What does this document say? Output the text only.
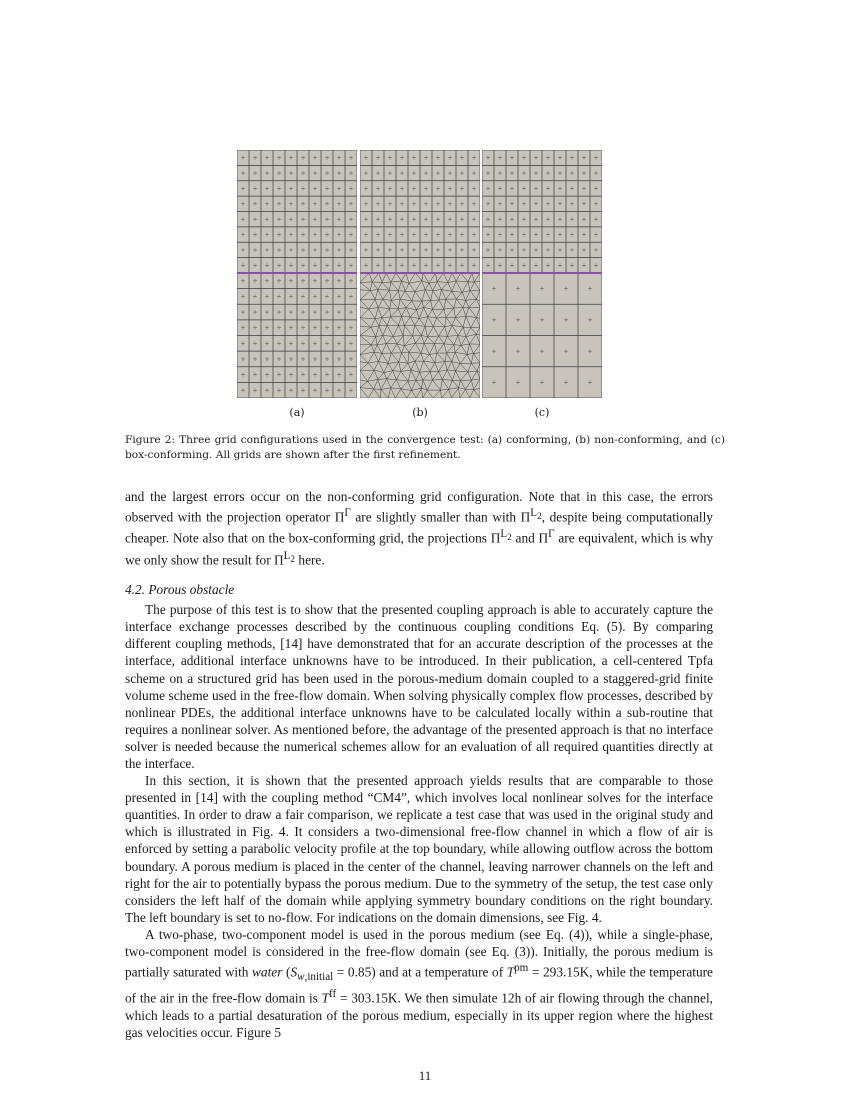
(a)	(b)	(c)
Figure 2: Three grid configurations used in the convergence test: (a) conforming, (b) non-conforming, and (c) box-conforming. All grids are shown after the first refinement.

and the largest errors occur on the non-conforming grid configuration. Note that in this case, the errors observed with the projection operator $\Pi^\Gamma$ are slightly smaller than with $\Pi^{L_2}$, despite being computationally cheaper. Note also that on the box-conforming grid, the projections $\Pi^{L_2}$ and $\Pi^\Gamma$ are equivalent, which is why we only show the result for $\Pi^{L_2}$ here.

4.2. Porous obstacle

The purpose of this test is to show that the presented coupling approach is able to accurately capture the interface exchange processes described by the continuous coupling conditions Eq. (5). By comparing different coupling methods, [14] have demonstrated that for an accurate description of the processes at the interface, additional interface unknowns have to be introduced. In their publication, a cell-centered Tpfa scheme on a structured grid has been used in the porous-medium domain coupled to a staggered-grid finite volume scheme used in the free-flow domain. When solving physically complex flow processes, described by nonlinear PDEs, the additional interface unknowns have to be calculated locally within a sub-routine that requires a nonlinear solver. As mentioned before, the advantage of the presented approach is that no interface solver is needed because the numerical schemes allow for an evaluation of all required quantities directly at the interface.

In this section, it is shown that the presented approach yields results that are comparable to those presented in [14] with the coupling method “CM4”, which involves local nonlinear solves for the interface quantities. In order to draw a fair comparison, we replicate a test case that was used in the original study and which is illustrated in Fig. 4. It considers a two-dimensional free-flow channel in which a flow of air is enforced by setting a parabolic velocity profile at the top boundary, while allowing outflow across the bottom boundary. A porous medium is placed in the center of the channel, leaving narrower channels on the left and right for the air to potentially bypass the porous medium. Due to the symmetry of the setup, the test case only considers the left half of the domain while applying symmetry boundary conditions on the right boundary. The left boundary is set to no-flow. For indications on the domain dimensions, see Fig. 4.

A two-phase, two-component model is used in the porous medium (see Eq. (4)), while a single-phase, two-component model is considered in the free-flow domain (see Eq. (3)). Initially, the porous medium is partially saturated with water $(S_{w,initial} = 0.85)$ and at a temperature of $T^{pm} = 293.15K$, while the temperature of the air in the free-flow domain is $T^{ff} = 303.15K$. We then simulate 12h of air flowing through the channel, which leads to a partial desaturation of the porous medium, especially in its upper region where the highest gas velocities occur. Figure 5

11
